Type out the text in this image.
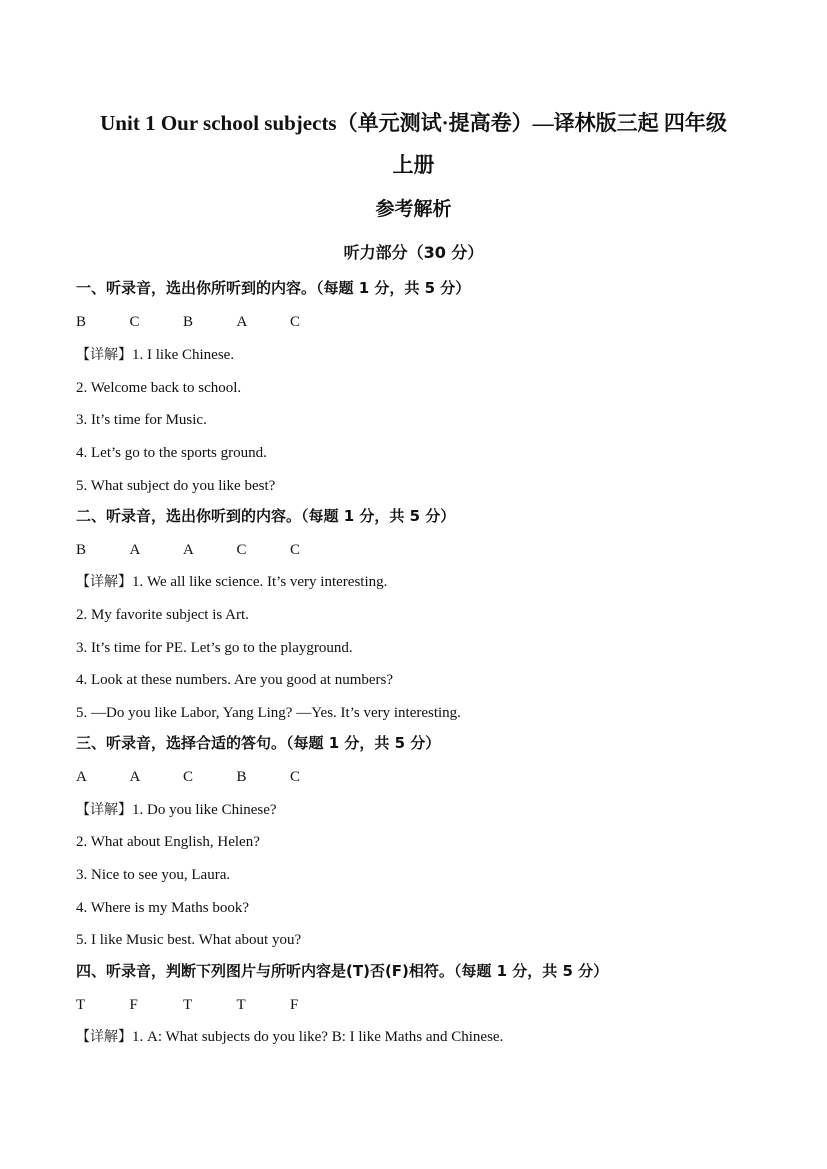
Unit 1 Our school subjects（单元测试·提高卷）—译林版三起 四年级
上册
参考解析
听力部分（30 分）
一、听录音，选出你所听到的内容。（每题 1 分，共 5 分）
B	C	B	A	C
【详解】1. I like Chinese.
2. Welcome back to school.
3. It’s time for Music.
4. Let’s go to the sports ground.
5. What subject do you like best?
二、听录音，选出你听到的内容。（每题 1 分，共 5 分）
B	A	A	C	C
【详解】1. We all like science. It’s very interesting.
2. My favorite subject is Art.
3. It’s time for PE. Let’s go to the playground.
4. Look at these numbers. Are you good at numbers?
5. —Do you like Labor, Yang Ling? —Yes. It’s very interesting.
三、听录音，选择合适的答句。（每题 1 分，共 5 分）
A	A	C	B	C
【详解】1. Do you like Chinese?
2. What about English, Helen?
3. Nice to see you, Laura.
4. Where is my Maths book?
5. I like Music best. What about you?
四、听录音，判断下列图片与所听内容是(T)否(F)相符。（每题 1 分，共 5 分）
T	F	T	T	F
【详解】1. A: What subjects do you like? B: I like Maths and Chinese.
